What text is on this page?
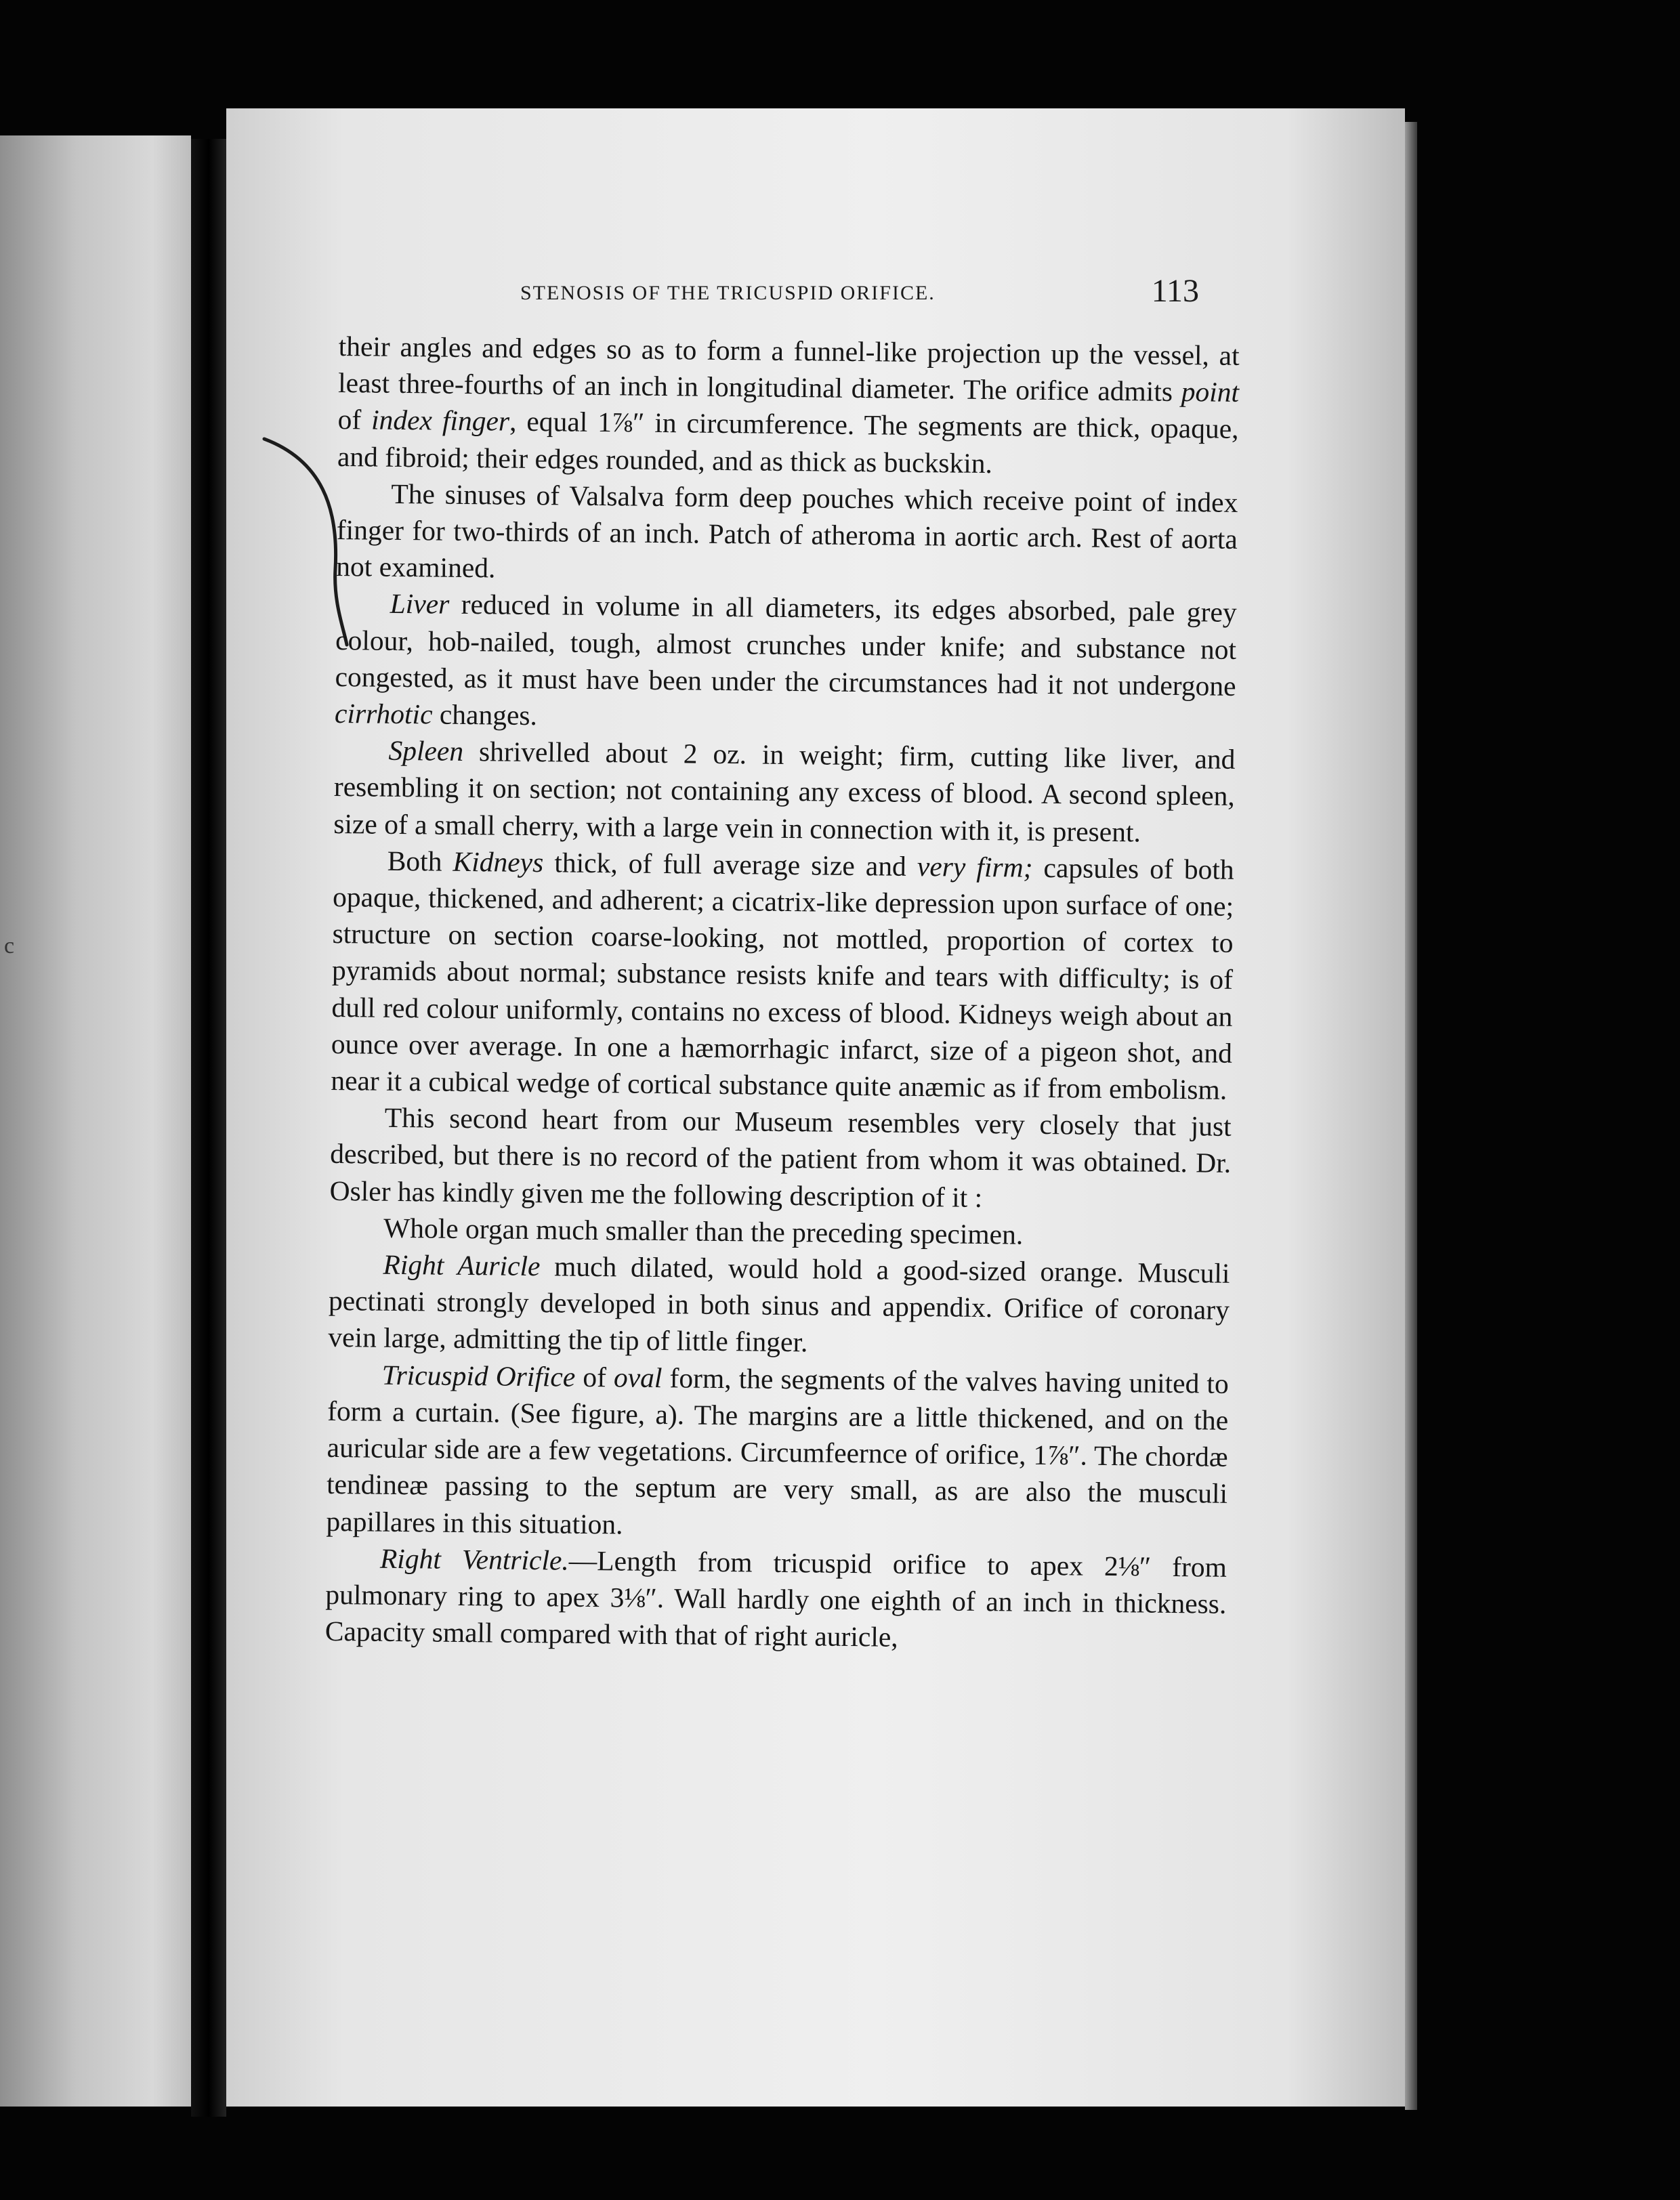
c
STENOSIS OF THE TRICUSPID ORIFICE.	113

their angles and edges so as to form a funnel-like projection up the vessel, at least three-fourths of an inch in longitudinal diameter. The orifice admits point of index finger, equal 1⅞″ in circumference. The segments are thick, opaque, and fibroid; their edges rounded, and as thick as buckskin.

The sinuses of Valsalva form deep pouches which receive point of index finger for two-thirds of an inch. Patch of atheroma in aortic arch. Rest of aorta not examined.

Liver reduced in volume in all diameters, its edges absorbed, pale grey colour, hob-nailed, tough, almost crunches under knife; and substance not congested, as it must have been under the circumstances had it not undergone cirrhotic changes.

Spleen shrivelled about 2 oz. in weight; firm, cutting like liver, and resembling it on section; not containing any excess of blood. A second spleen, size of a small cherry, with a large vein in connection with it, is present.

Both Kidneys thick, of full average size and very firm; capsules of both opaque, thickened, and adherent; a cicatrix-like depression upon surface of one; structure on section coarse-looking, not mottled, proportion of cortex to pyramids about normal; substance resists knife and tears with difficulty; is of dull red colour uniformly, contains no excess of blood. Kidneys weigh about an ounce over average. In one a hæmorrhagic infarct, size of a pigeon shot, and near it a cubical wedge of cortical substance quite anæmic as if from embolism.

This second heart from our Museum resembles very closely that just described, but there is no record of the patient from whom it was obtained. Dr. Osler has kindly given me the following description of it :

Whole organ much smaller than the preceding specimen.

Right Auricle much dilated, would hold a good-sized orange. Musculi pectinati strongly developed in both sinus and appendix. Orifice of coronary vein large, admitting the tip of little finger.

Tricuspid Orifice of oval form, the segments of the valves having united to form a curtain. (See figure, a). The margins are a little thickened, and on the auricular side are a few vegetations. Circumfeernce of orifice, 1⅞″. The chordæ tendineæ passing to the septum are very small, as are also the musculi papillares in this situation.

Right Ventricle.—Length from tricuspid orifice to apex 2⅛″ from pulmonary ring to apex 3⅛″. Wall hardly one eighth of an inch in thickness. Capacity small compared with that of right auricle,
